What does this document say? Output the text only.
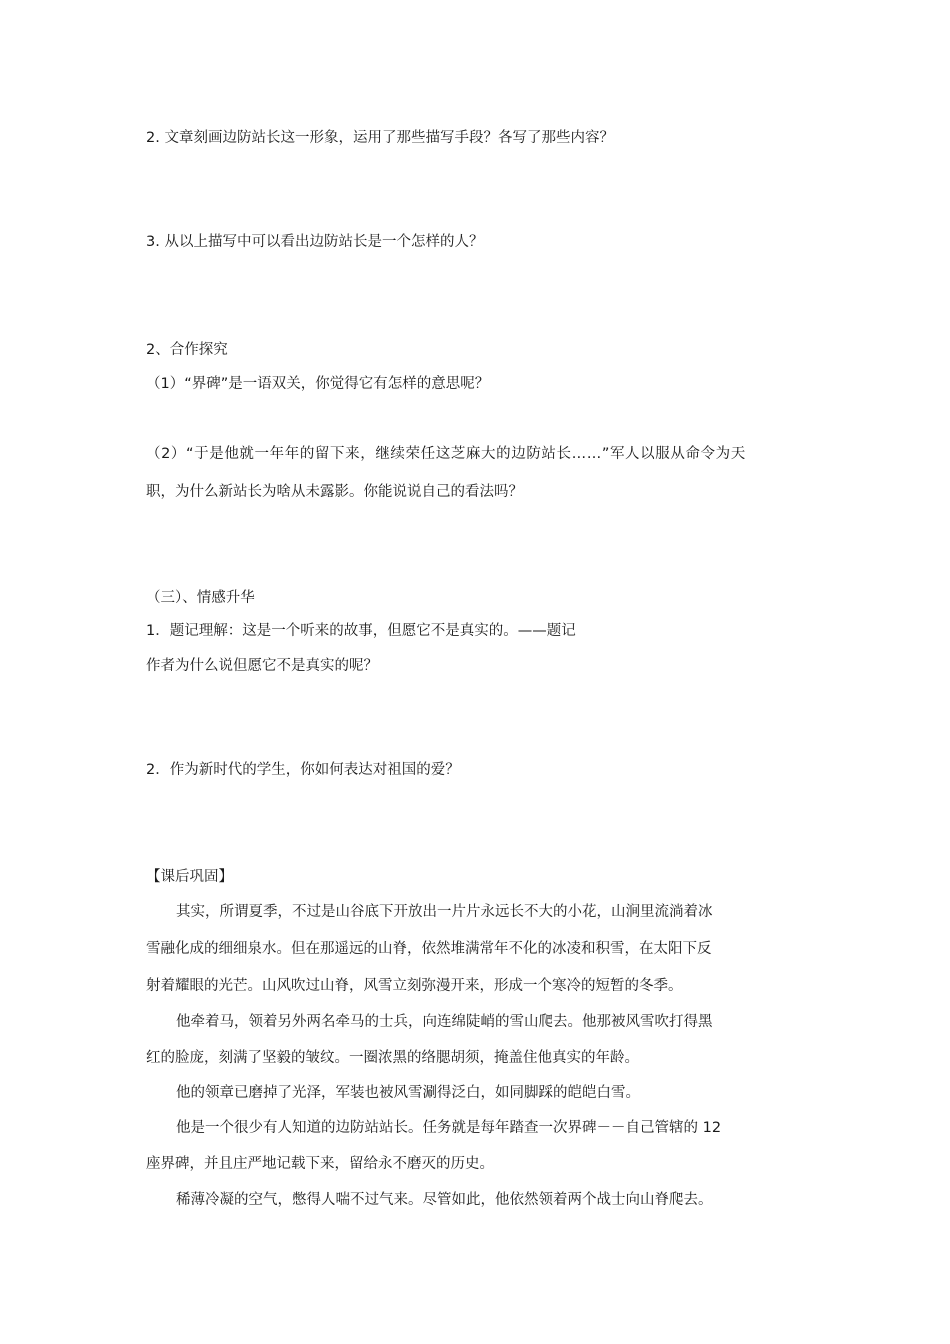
2. 文章刻画边防站长这一形象，运用了那些描写手段？各写了那些内容？

3. 从以上描写中可以看出边防站长是一个怎样的人？

2、合作探究

（1）“界碑”是一语双关，你觉得它有怎样的意思呢？

（2）“于是他就一年年的留下来，继续荣任这芝麻大的边防站长……”军人以服从命令为天

职，为什么新站长为啥从未露影。你能说说自己的看法吗？

（三）、情感升华

1．题记理解：这是一个听来的故事，但愿它不是真实的。——题记

作者为什么说但愿它不是真实的呢？

2．作为新时代的学生，你如何表达对祖国的爱？

【课后巩固】

其实，所谓夏季，不过是山谷底下开放出一片片永远长不大的小花，山涧里流淌着冰

雪融化成的细细泉水。但在那遥远的山脊，依然堆满常年不化的冰凌和积雪，在太阳下反

射着耀眼的光芒。山风吹过山脊，风雪立刻弥漫开来，形成一个寒冷的短暂的冬季。

他牵着马，领着另外两名牵马的士兵，向连绵陡峭的雪山爬去。他那被风雪吹打得黑

红的脸庞，刻满了坚毅的皱纹。一圈浓黑的络腮胡须，掩盖住他真实的年龄。

他的领章已磨掉了光泽，军装也被风雪涮得泛白，如同脚踩的皑皑白雪。

他是一个很少有人知道的边防站站长。任务就是每年踏查一次界碑－－自己管辖的 12

座界碑，并且庄严地记载下来，留给永不磨灭的历史。

稀薄冷凝的空气，憋得人喘不过气来。尽管如此，他依然领着两个战士向山脊爬去。
